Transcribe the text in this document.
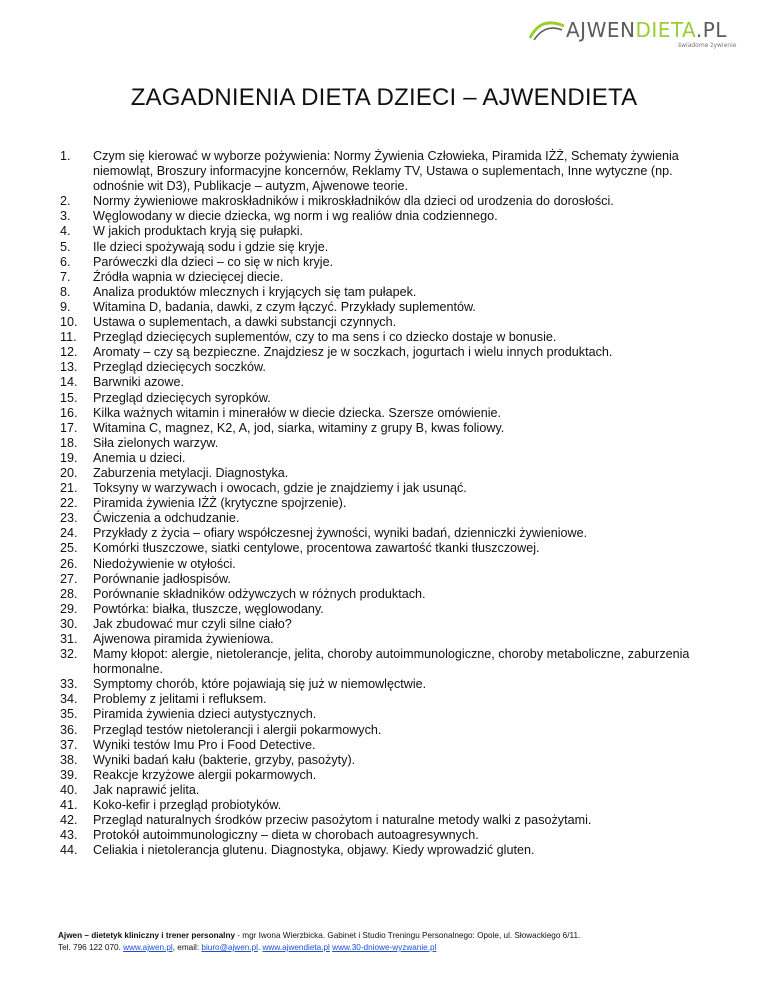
AJWENDIETA.PL
świadome żywienie
ZAGADNIENIA DIETA DZIECI – AJWENDIETA
1.	Czym się kierować w wyborze pożywienia: Normy Żywienia Człowieka, Piramida IŻŻ, Schematy żywienia niemowląt, Broszury informacyjne koncernów, Reklamy TV, Ustawa o suplementach, Inne wytyczne (np. odnośnie wit D3), Publikacje – autyzm, Ajwenowe teorie.
2.	Normy żywieniowe makroskładników i mikroskładników dla dzieci od urodzenia do dorosłości.
3.	Węglowodany w diecie dziecka, wg norm i wg realiów dnia codziennego.
4.	W jakich produktach kryją się pułapki.
5.	Ile dzieci spożywają sodu i gdzie się kryje.
6.	Paróweczki dla dzieci – co się w nich kryje.
7.	Źródła wapnia w dziecięcej diecie.
8.	Analiza produktów mlecznych i kryjących się tam pułapek.
9.	Witamina D, badania, dawki, z czym łączyć. Przykłady suplementów.
10.	Ustawa o suplementach, a dawki substancji czynnych.
11.	Przegląd dziecięcych suplementów, czy to ma sens i co dziecko dostaje w bonusie.
12.	Aromaty – czy są bezpieczne. Znajdziesz je w soczkach, jogurtach i wielu innych produktach.
13.	Przegląd dziecięcych soczków.
14.	Barwniki azowe.
15.	Przegląd dziecięcych syropków.
16.	Kilka ważnych witamin i minerałów w diecie dziecka. Szersze omówienie.
17.	Witamina C, magnez, K2, A, jod, siarka, witaminy z grupy B, kwas foliowy.
18.	Siła zielonych warzyw.
19.	Anemia u dzieci.
20.	Zaburzenia metylacji. Diagnostyka.
21.	Toksyny w warzywach i owocach, gdzie je znajdziemy i jak usunąć.
22.	Piramida żywienia IŻŻ (krytyczne spojrzenie).
23.	Ćwiczenia a odchudzanie.
24.	Przykłady z życia – ofiary współczesnej żywności, wyniki badań, dzienniczki żywieniowe.
25.	Komórki tłuszczowe, siatki centylowe, procentowa zawartość tkanki tłuszczowej.
26.	Niedożywienie w otyłości.
27.	Porównanie jadłospisów.
28.	Porównanie składników odżywczych w różnych produktach.
29.	Powtórka: białka, tłuszcze, węglowodany.
30.	Jak zbudować mur czyli silne ciało?
31.	Ajwenowa piramida żywieniowa.
32.	Mamy kłopot: alergie, nietolerancje, jelita, choroby autoimmunologiczne, choroby metaboliczne, zaburzenia hormonalne.
33.	Symptomy chorób, które pojawiają się już w niemowlęctwie.
34.	Problemy z jelitami i refluksem.
35.	Piramida żywienia dzieci autystycznych.
36.	Przegląd testów nietolerancji i alergii pokarmowych.
37.	Wyniki testów Imu Pro i Food Detective.
38.	Wyniki badań kału (bakterie, grzyby, pasożyty).
39.	Reakcje krzyżowe alergii pokarmowych.
40.	Jak naprawić jelita.
41.	Koko-kefir i przegląd probiotyków.
42.	Przegląd naturalnych środków przeciw pasożytom i naturalne metody walki z pasożytami.
43.	Protokół autoimmunologiczny – dieta w chorobach autoagresywnych.
44.	Celiakia i nietolerancja glutenu. Diagnostyka, objawy. Kiedy wprowadzić gluten.
Ajwen – dietetyk kliniczny i trener personalny - mgr Iwona Wierzbicka. Gabinet i Studio Treningu Personalnego: Opole, ul. Słowackiego 6/11.
Tel. 796 122 070. www.ajwen.pl, email: biuro@ajwen.pl. www.ajwendieta.pl www.30-dniowe-wyzwanie.pl
